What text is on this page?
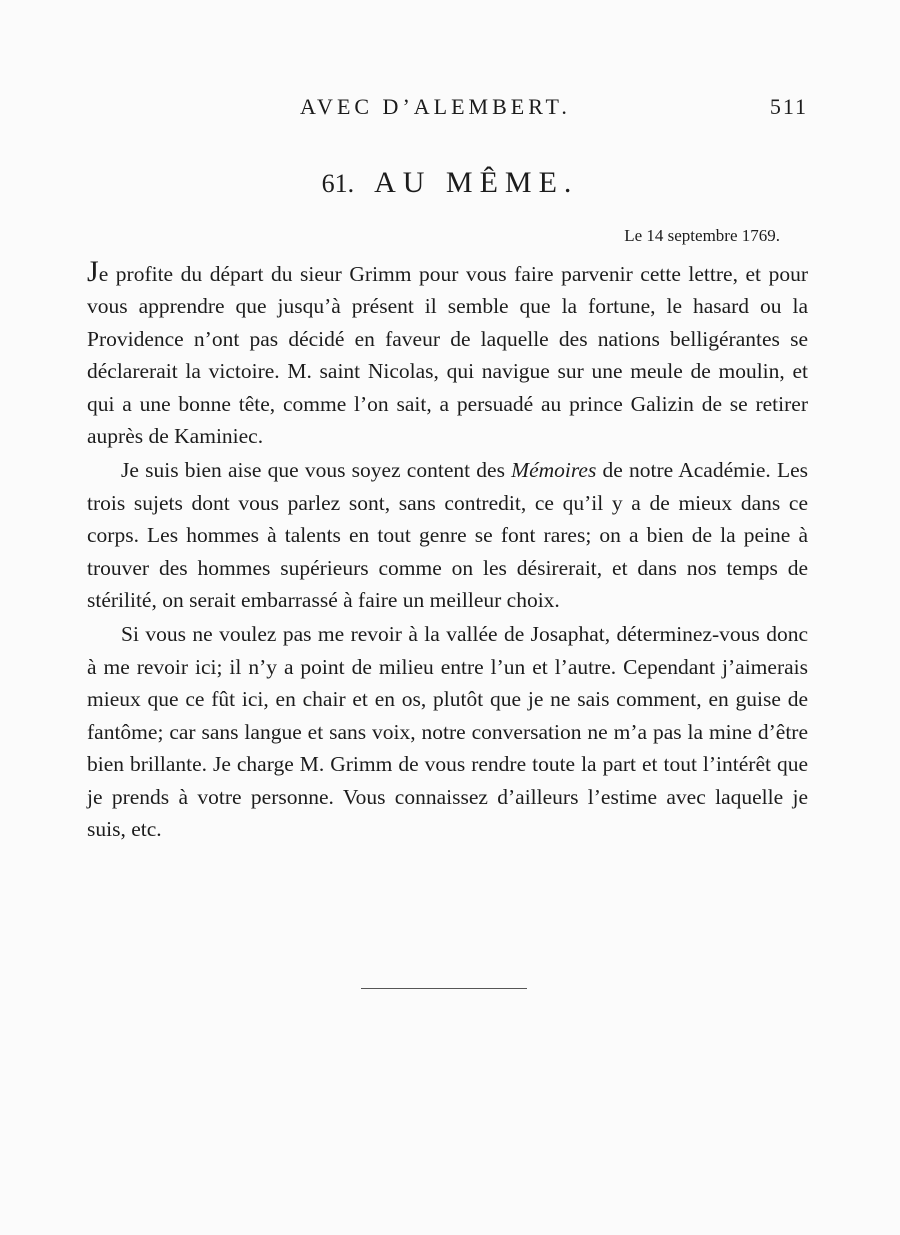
AVEC D’ALEMBERT.	511
61. AU MÊME.
Le 14 septembre 1769.

Je profite du départ du sieur Grimm pour vous faire parvenir cette lettre, et pour vous apprendre que jusqu’à présent il semble que la fortune, le hasard ou la Providence n’ont pas décidé en faveur de laquelle des nations belligérantes se déclarerait la victoire. M. saint Nicolas, qui navigue sur une meule de moulin, et qui a une bonne tête, comme l’on sait, a persuadé au prince Galizin de se retirer auprès de Kaminiec.

Je suis bien aise que vous soyez content des Mémoires de notre Académie. Les trois sujets dont vous parlez sont, sans contredit, ce qu’il y a de mieux dans ce corps. Les hommes à talents en tout genre se font rares; on a bien de la peine à trouver des hommes supérieurs comme on les désirerait, et dans nos temps de stérilité, on serait embarrassé à faire un meilleur choix.

Si vous ne voulez pas me revoir à la vallée de Josaphat, déterminez-vous donc à me revoir ici; il n’y a point de milieu entre l’un et l’autre. Cependant j’aimerais mieux que ce fût ici, en chair et en os, plutôt que je ne sais comment, en guise de fantôme; car sans langue et sans voix, notre conversation ne m’a pas la mine d’être bien brillante. Je charge M. Grimm de vous rendre toute la part et tout l’intérêt que je prends à votre personne. Vous connaissez d’ailleurs l’estime avec laquelle je suis, etc.
